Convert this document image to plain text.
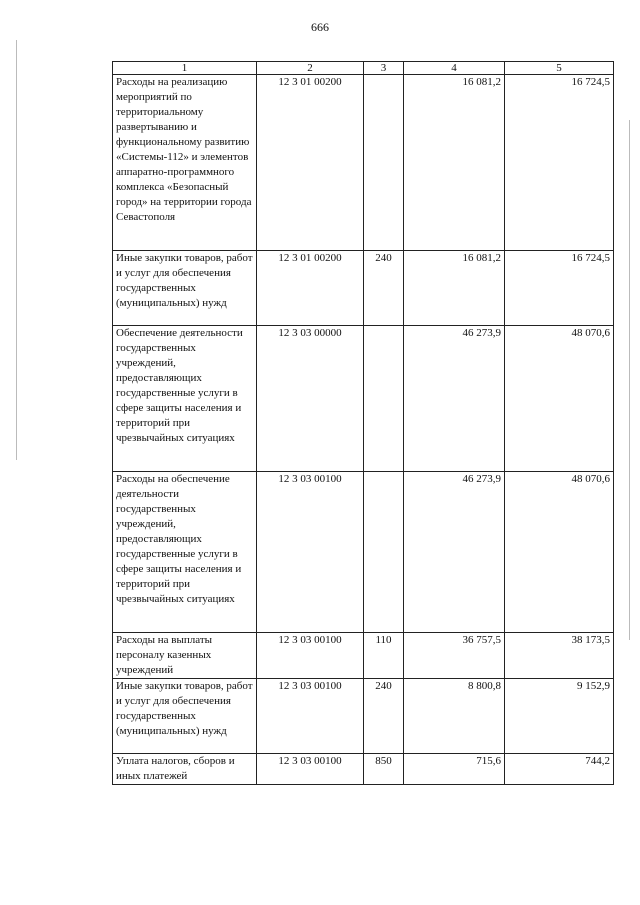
666
1	2	3	4	5
Расходы на реализацию мероприятий по территориальному развертыванию и функциональному развитию «Системы-112» и элементов аппаратно-программного комплекса «Безопасный город» на территории города Севастополя	12 3 01 00200		16 081,2	16 724,5
Иные закупки товаров, работ и услуг для обеспечения государственных (муниципальных) нужд	12 3 01 00200	240	16 081,2	16 724,5
Обеспечение деятельности государственных учреждений, предоставляющих государственные услуги в сфере защиты населения и территорий при чрезвычайных ситуациях	12 3 03 00000		46 273,9	48 070,6
Расходы на обеспечение деятельности государственных учреждений, предоставляющих государственные услуги в сфере защиты населения и территорий при чрезвычайных ситуациях	12 3 03 00100		46 273,9	48 070,6
Расходы на выплаты персоналу казенных учреждений	12 3 03 00100	110	36 757,5	38 173,5
Иные закупки товаров, работ и услуг для обеспечения государственных (муниципальных) нужд	12 3 03 00100	240	8 800,8	9 152,9
Уплата налогов, сборов и иных платежей	12 3 03 00100	850	715,6	744,2
